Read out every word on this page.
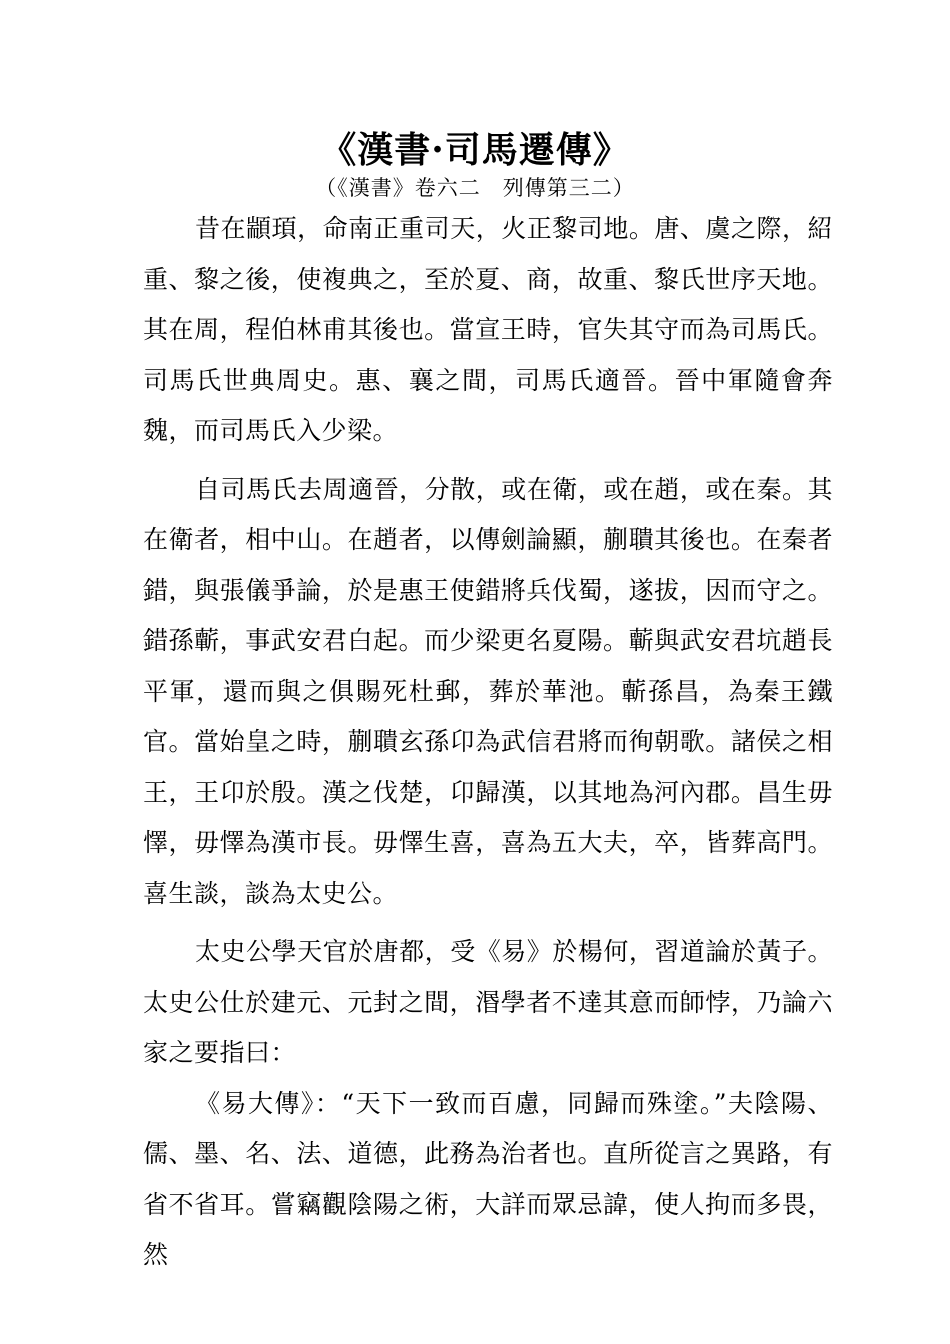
《漢書·司馬遷傳》
（《漢書》卷六二　列傳第三二）

昔在顓頊，命南正重司天，火正黎司地。唐、虞之際，紹重、黎之後，使複典之，至於夏、商，故重、黎氏世序天地。其在周，程伯林甫其後也。當宣王時，官失其守而為司馬氏。司馬氏世典周史。惠、襄之間，司馬氏適晉。晉中軍隨會奔魏，而司馬氏入少梁。

自司馬氏去周適晉，分散，或在衛，或在趙，或在秦。其在衛者，相中山。在趙者，以傳劍論顯，蒯聵其後也。在秦者錯，與張儀爭論，於是惠王使錯將兵伐蜀，遂拔，因而守之。錯孫蘄，事武安君白起。而少梁更名夏陽。蘄與武安君坑趙長平軍，還而與之俱賜死杜郵，葬於華池。蘄孫昌，為秦王鐵官。當始皇之時，蒯聵玄孫卬為武信君將而徇朝歌。諸侯之相王，王卬於殷。漢之伐楚，卬歸漢，以其地為河內郡。昌生毋懌，毋懌為漢市長。毋懌生喜，喜為五大夫，卒，皆葬高門。喜生談，談為太史公。

太史公學天官於唐都，受《易》於楊何，習道論於黃子。太史公仕於建元、元封之間，湣學者不達其意而師悖，乃論六家之要指曰：

《易大傳》：“天下一致而百慮，同歸而殊塗。”夫陰陽、儒、墨、名、法、道德，此務為治者也。直所從言之異路，有省不省耳。嘗竊觀陰陽之術，大詳而眾忌諱，使人拘而多畏，然
